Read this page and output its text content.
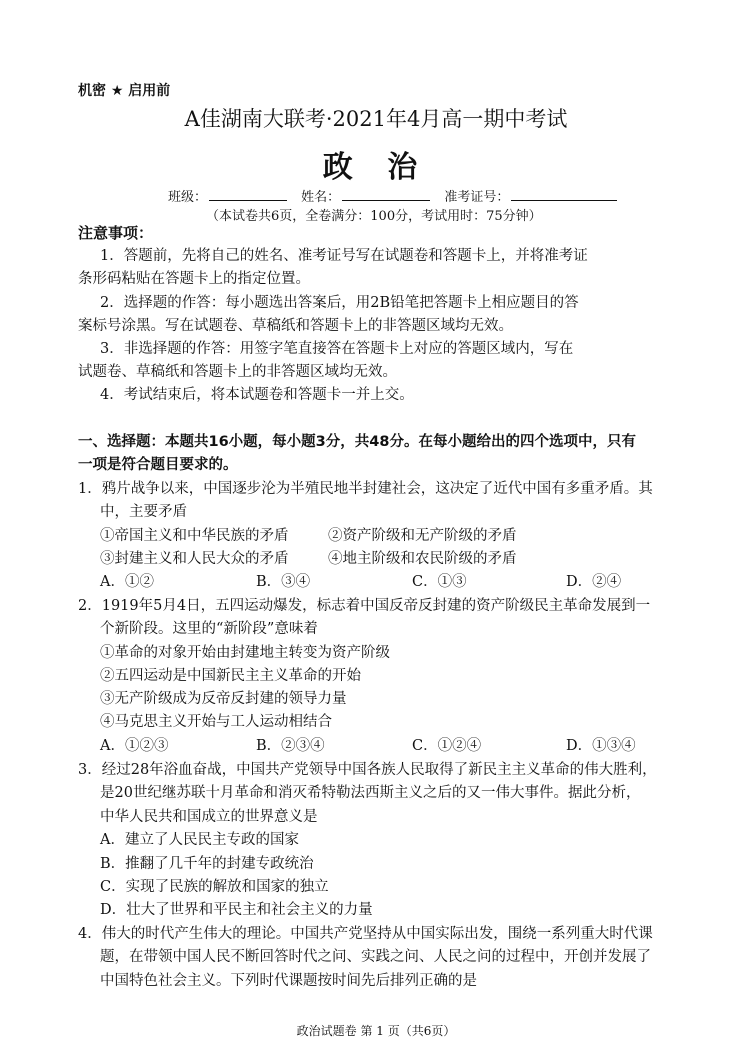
机密 ★ 启用前
A佳湖南大联考·2021年4月高一期中考试
政 治
班级：	姓名：	准考证号：
（本试卷共6页，全卷满分：100分，考试用时：75分钟）
注意事项：
1．答题前，先将自己的姓名、准考证号写在试题卷和答题卡上，并将准考证
条形码粘贴在答题卡上的指定位置。
2．选择题的作答：每小题选出答案后，用2B铅笔把答题卡上相应题目的答
案标号涂黑。写在试题卷、草稿纸和答题卡上的非答题区域均无效。
3．非选择题的作答：用签字笔直接答在答题卡上对应的答题区域内，写在
试题卷、草稿纸和答题卡上的非答题区域均无效。
4．考试结束后，将本试题卷和答题卡一并上交。
一、选择题：本题共16小题，每小题3分，共48分。在每小题给出的四个选项中，只有
一项是符合题目要求的。
1．鸦片战争以来，中国逐步沦为半殖民地半封建社会，这决定了近代中国有多重矛盾。其
中，主要矛盾
①帝国主义和中华民族的矛盾	②资产阶级和无产阶级的矛盾
③封建主义和人民大众的矛盾	④地主阶级和农民阶级的矛盾
A．①②	B．③④	C．①③	D．②④
2．1919年5月4日，五四运动爆发，标志着中国反帝反封建的资产阶级民主革命发展到一
个新阶段。这里的“新阶段”意味着
①革命的对象开始由封建地主转变为资产阶级
②五四运动是中国新民主主义革命的开始
③无产阶级成为反帝反封建的领导力量
④马克思主义开始与工人运动相结合
A．①②③	B．②③④	C．①②④	D．①③④
3．经过28年浴血奋战，中国共产党领导中国各族人民取得了新民主主义革命的伟大胜利，
是20世纪继苏联十月革命和消灭希特勒法西斯主义之后的又一伟大事件。据此分析，
中华人民共和国成立的世界意义是
A．建立了人民民主专政的国家
B．推翻了几千年的封建专政统治
C．实现了民族的解放和国家的独立
D．壮大了世界和平民主和社会主义的力量
4．伟大的时代产生伟大的理论。中国共产党坚持从中国实际出发，围绕一系列重大时代课
题，在带领中国人民不断回答时代之问、实践之问、人民之问的过程中，开创并发展了
中国特色社会主义。下列时代课题按时间先后排列正确的是
政治试题卷 第 1 页（共6页）
